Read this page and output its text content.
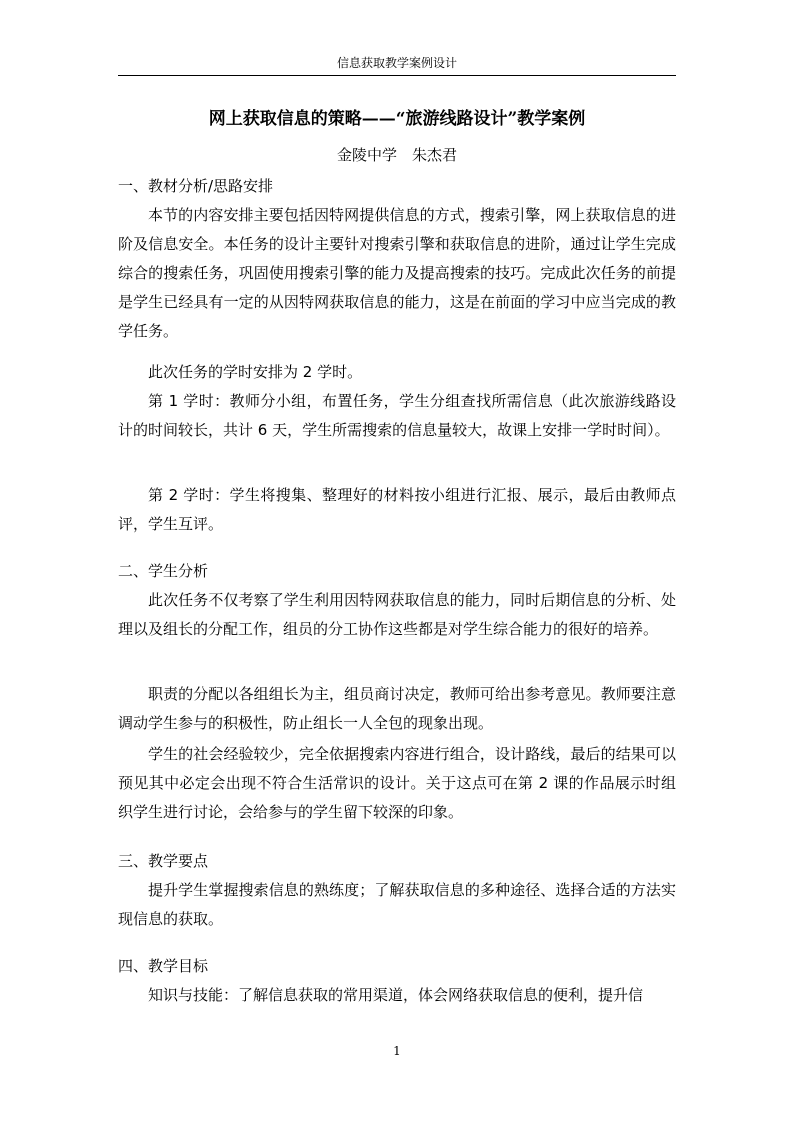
信息获取教学案例设计
网上获取信息的策略——“旅游线路设计”教学案例
金陵中学　朱杰君
一、教材分析/思路安排
本节的内容安排主要包括因特网提供信息的方式，搜索引擎，网上获取信息的进阶及信息安全。本任务的设计主要针对搜索引擎和获取信息的进阶，通过让学生完成综合的搜索任务，巩固使用搜索引擎的能力及提高搜索的技巧。完成此次任务的前提是学生已经具有一定的从因特网获取信息的能力，这是在前面的学习中应当完成的教学任务。
此次任务的学时安排为 2 学时。
第 1 学时：教师分小组，布置任务，学生分组查找所需信息（此次旅游线路设计的时间较长，共计 6 天，学生所需搜索的信息量较大，故课上安排一学时时间）。
第 2 学时：学生将搜集、整理好的材料按小组进行汇报、展示，最后由教师点评，学生互评。
二、学生分析
此次任务不仅考察了学生利用因特网获取信息的能力，同时后期信息的分析、处理以及组长的分配工作，组员的分工协作这些都是对学生综合能力的很好的培养。
职责的分配以各组组长为主，组员商讨决定，教师可给出参考意见。教师要注意调动学生参与的积极性，防止组长一人全包的现象出现。
学生的社会经验较少，完全依据搜索内容进行组合，设计路线，最后的结果可以预见其中必定会出现不符合生活常识的设计。关于这点可在第 2 课的作品展示时组织学生进行讨论，会给参与的学生留下较深的印象。
三、教学要点
提升学生掌握搜索信息的熟练度；了解获取信息的多种途径、选择合适的方法实现信息的获取。
四、教学目标
知识与技能：了解信息获取的常用渠道，体会网络获取信息的便利，提升信
1
